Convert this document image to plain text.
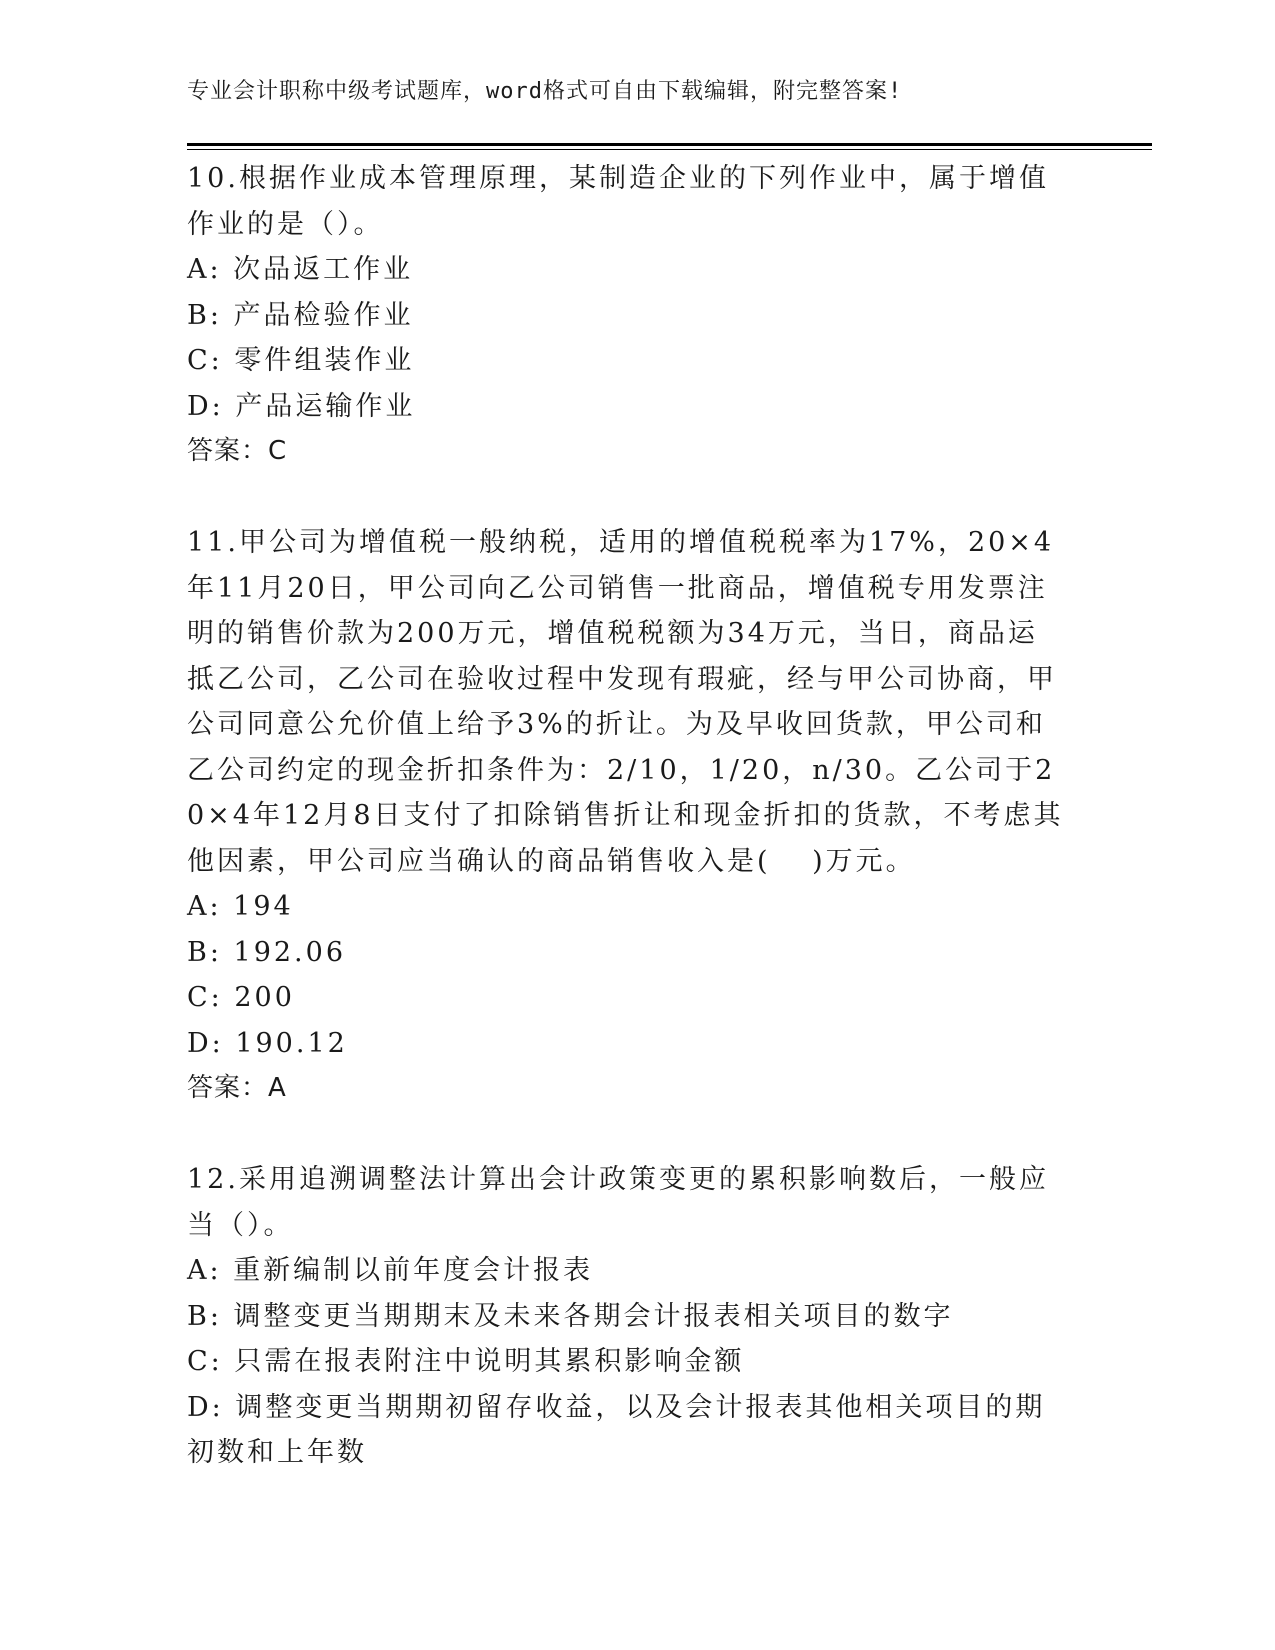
专业会计职称中级考试题库，word格式可自由下载编辑，附完整答案!

10.根据作业成本管理原理，某制造企业的下列作业中，属于增值作业的是（）。

A: 次品返工作业

B: 产品检验作业

C: 零件组装作业

D: 产品运输作业

答案：C

11.甲公司为增值税一般纳税，适用的增值税税率为17%，20×4年11月20日，甲公司向乙公司销售一批商品，增值税专用发票注明的销售价款为200万元，增值税税额为34万元，当日，商品运抵乙公司，乙公司在验收过程中发现有瑕疵，经与甲公司协商，甲公司同意公允价值上给予3%的折让。为及早收回货款，甲公司和乙公司约定的现金折扣条件为：2/10，1/20，n/30。乙公司于20×4年12月8日支付了扣除销售折让和现金折扣的货款，不考虑其他因素，甲公司应当确认的商品销售收入是(　 )万元。

A: 194

B: 192.06

C: 200

D: 190.12

答案：A

12.采用追溯调整法计算出会计政策变更的累积影响数后，一般应当（）。

A: 重新编制以前年度会计报表

B: 调整变更当期期末及未来各期会计报表相关项目的数字

C: 只需在报表附注中说明其累积影响金额

D: 调整变更当期期初留存收益，以及会计报表其他相关项目的期初数和上年数
